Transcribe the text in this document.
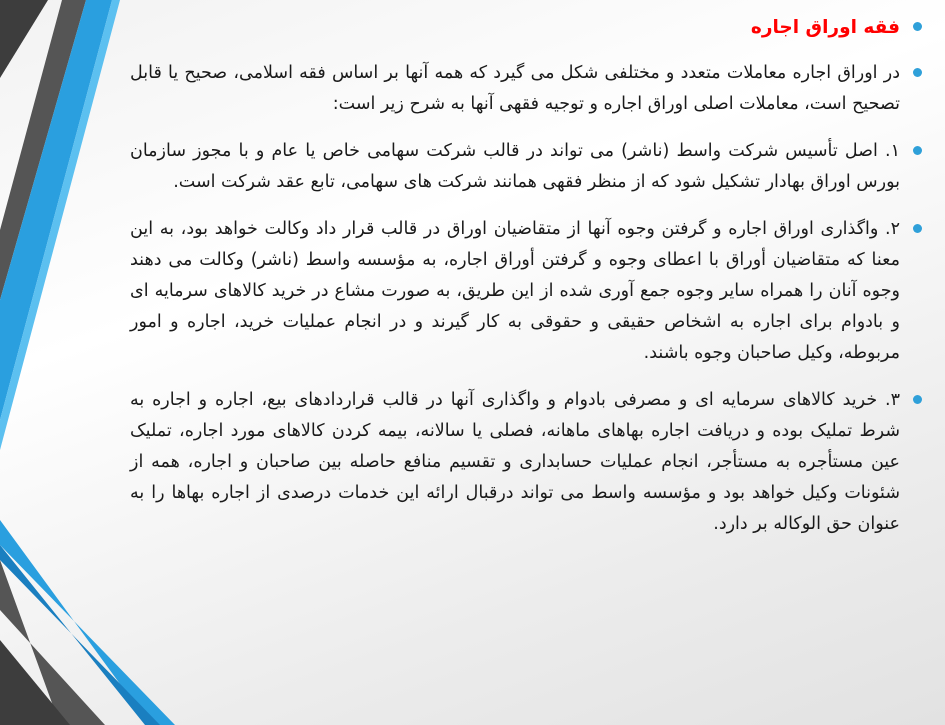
فقه اوراق اجاره
در اوراق اجاره معاملات متعدد و مختلفی شکل می گیرد که همه آنها بر اساس فقه اسلامی، صحیح یا قابل تصحیح است، معاملات اصلی اوراق اجاره و توجیه فقهی آنها به شرح زیر است:
۱. اصل تأسیس شرکت واسط (ناشر) می تواند در قالب شرکت سهامی خاص یا عام و با مجوز سازمان بورس اوراق بهادار تشکیل شود که از منظر فقهی همانند شرکت های سهامی، تابع عقد شرکت است.
۲. واگذاری اوراق اجاره و گرفتن وجوه آنها از متقاضیان اوراق در قالب قرار داد وکالت خواهد بود، به این معنا که متقاضیان أوراق با اعطای وجوه و گرفتن أوراق اجاره، به مؤسسه واسط (ناشر) وکالت می دهند وجوه آنان را همراه سایر وجوه جمع آوری شده از این طریق، به صورت مشاع در خرید کالاهای سرمایه ای و بادوام برای اجاره به اشخاص حقیقی و حقوقی به کار گیرند و در انجام عملیات خرید، اجاره و امور مربوطه، وکیل صاحبان وجوه باشند.
۳. خرید کالاهای سرمایه ای و مصرفی بادوام و واگذاری آنها در قالب قراردادهای بیع، اجاره و اجاره به شرط تملیک بوده و دریافت اجاره بهاهای ماهانه، فصلی یا سالانه، بیمه کردن کالاهای مورد اجاره، تملیک عین مستأجره به مستأجر، انجام عملیات حسابداری و تقسیم منافع حاصله بین صاحبان و اجاره، همه از شئونات وکیل خواهد بود و مؤسسه واسط می تواند درقبال ارائه این خدمات درصدی از اجاره بهاها را به عنوان حق الوکاله بر دارد.
